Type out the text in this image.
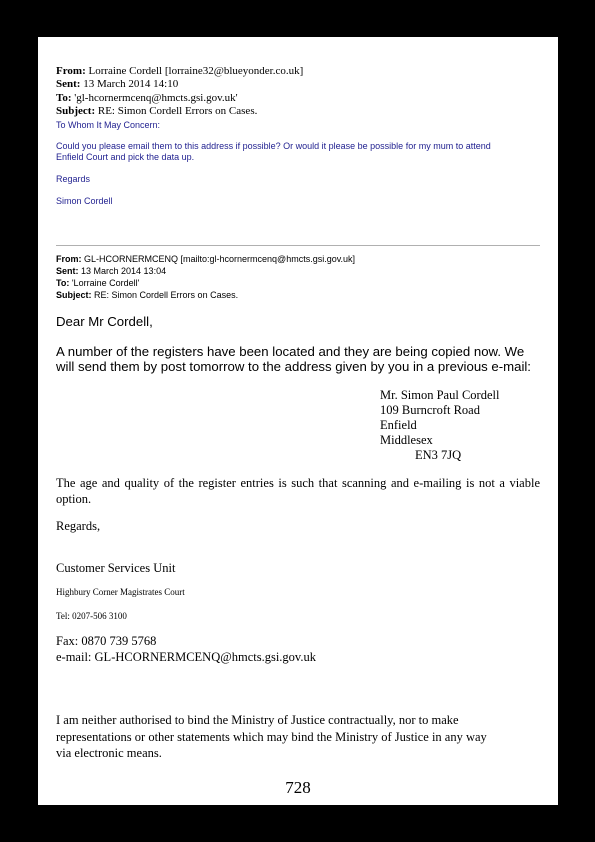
From: Lorraine Cordell [lorraine32@blueyonder.co.uk]
Sent: 13 March 2014 14:10
To: 'gl-hcornermcenq@hmcts.gsi.gov.uk'
Subject: RE: Simon Cordell Errors on Cases.
To Whom It May Concern:
Could you please email them to this address if possible? Or would it please be possible for my mum to attend
Enfield Court and pick the data up.
Regards
Simon Cordell
From: GL-HCORNERMCENQ [mailto:gl-hcornermcenq@hmcts.gsi.gov.uk]
Sent: 13 March 2014 13:04
To: 'Lorraine Cordell'
Subject: RE: Simon Cordell Errors on Cases.
Dear Mr Cordell,
A number of the registers have been located and they are being copied now. We
will send them by post tomorrow to the address given by you in a previous e-mail:
Mr. Simon Paul Cordell
109 Burncroft Road
Enfield
Middlesex
EN3 7JQ
The age and quality of the register entries is such that scanning and e-mailing is not a viable option.
Regards,
Customer Services Unit
Highbury Corner Magistrates Court
Tel: 0207-506 3100
Fax: 0870 739 5768
e-mail: GL-HCORNERMCENQ@hmcts.gsi.gov.uk
I am neither authorised to bind the Ministry of Justice contractually, nor to make representations or other statements which may bind the Ministry of Justice in any way via electronic means.
728
